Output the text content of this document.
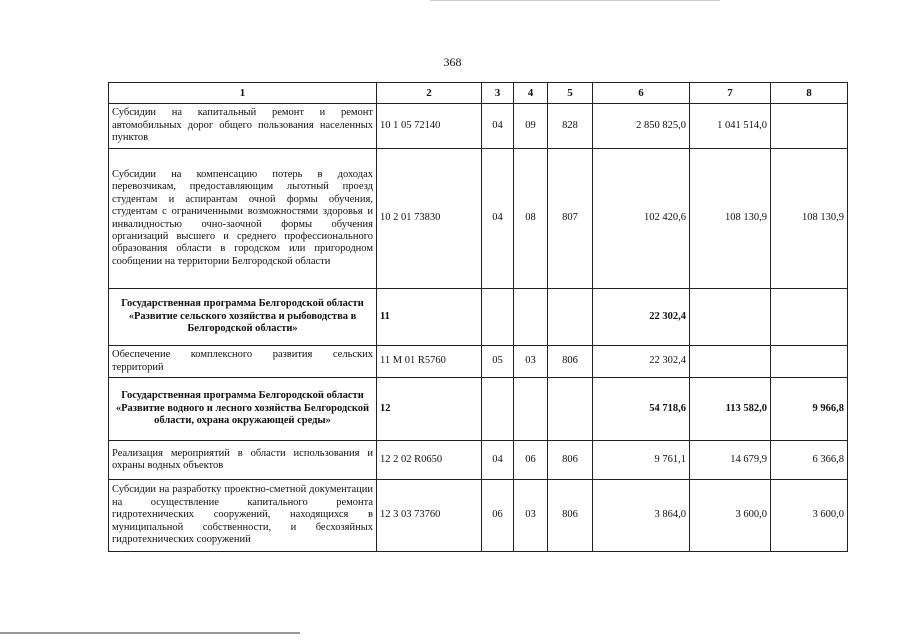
368
1	2	3	4	5	6	7	8
Субсидии на капитальный ремонт и ремонт автомобильных дорог общего пользования населенных пунктов	10 1 05 72140	04	09	828	2 850 825,0	1 041 514,0	
Субсидии на компенсацию потерь в доходах перевозчикам, предоставляющим льготный проезд студентам и аспирантам очной формы обучения, студентам с ограниченными возможностями здоровья и инвалидностью очно-заочной формы обучения организаций высшего и среднего профессионального образования области в городском или пригородном сообщении на территории Белгородской области	10 2 01 73830	04	08	807	102 420,6	108 130,9	108 130,9
Государственная программа Белгородской области «Развитие сельского хозяйства и рыбоводства в Белгородской области»	11				22 302,4		
Обеспечение комплексного развития сельских территорий	11 М 01 R5760	05	03	806	22 302,4		
Государственная программа Белгородской области «Развитие водного и лесного хозяйства Белгородской области, охрана окружающей среды»	12				54 718,6	113 582,0	9 966,8
Реализация мероприятий в области использования и охраны водных объектов	12 2 02 R0650	04	06	806	9 761,1	14 679,9	6 366,8
Субсидии на разработку проектно-сметной документации на осуществление капитального ремонта гидротехнических сооружений, находящихся в муниципальной собственности, и бесхозяйных гидротехнических сооружений	12 3 03 73760	06	03	806	3 864,0	3 600,0	3 600,0
